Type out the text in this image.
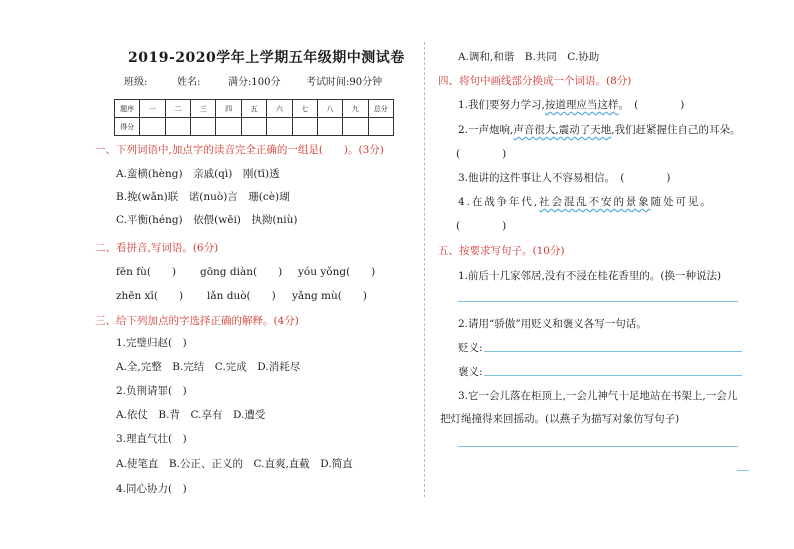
2019-2020学年上学期五年级期中测试卷
班级:	姓名:	满分:100分	考试时间:90分钟
题序	一	二	三	四	五	六	七	八	九	总分
得分										
一、下列词语中,加点字的读音完全正确的一组是(　　)。(3分)
A.蛮横(hèng)　亲戚(qì)　刚(tī)透
B.挽(wǎn)联　诺(nuò)言　珊(cè)瑚
C.平衡(héng)　依偎(wēi)　执拗(niù)
二、看拼音,写词语。(6分)
fēn fù(　　) gōng diàn(　　) yóu yǒng(　　)
zhēn xī(　　) lǎn duò(　　) yǎng mù(　　)
三、给下列加点的字选择正确的解释。(4分)
1.完璧归赵(　)
A.全,完整　B.完结　C.完成　D.消耗尽
2.负荆请罪(　)
A.依仗　B.背　C.享有　D.遭受
3.理直气壮(　)
A.使笔直　B.公正、正义的　C.直爽,直截　D.简直
4.同心协力(　)
A.调和,和谐　B.共同　C.协助
四、将句中画线部分换成一个词语。(8分)
1.我们要努力学习,按道理应当这样。　(　　　　)
2.一声炮响,声音很大,震动了天地,我们赶紧握住自己的耳朵。
(　　　　)
3.他讲的这件事让人不容易相信。　(　　　　)
4.在战争年代,社会混乱不安的景象随处可见。
(　　　　)
五、按要求写句子。(10分)
1.前后十几家邻居,没有不浸在桂花香里的。(换一种说法)
2.请用“骄傲”用贬义和褒义各写一句话。
贬义:
褒义:
3.它一会儿落在柜顶上,一会儿神气十足地站在书架上,一会儿
把灯绳撞得来回摇动。(以燕子为描写对象仿写句子)
